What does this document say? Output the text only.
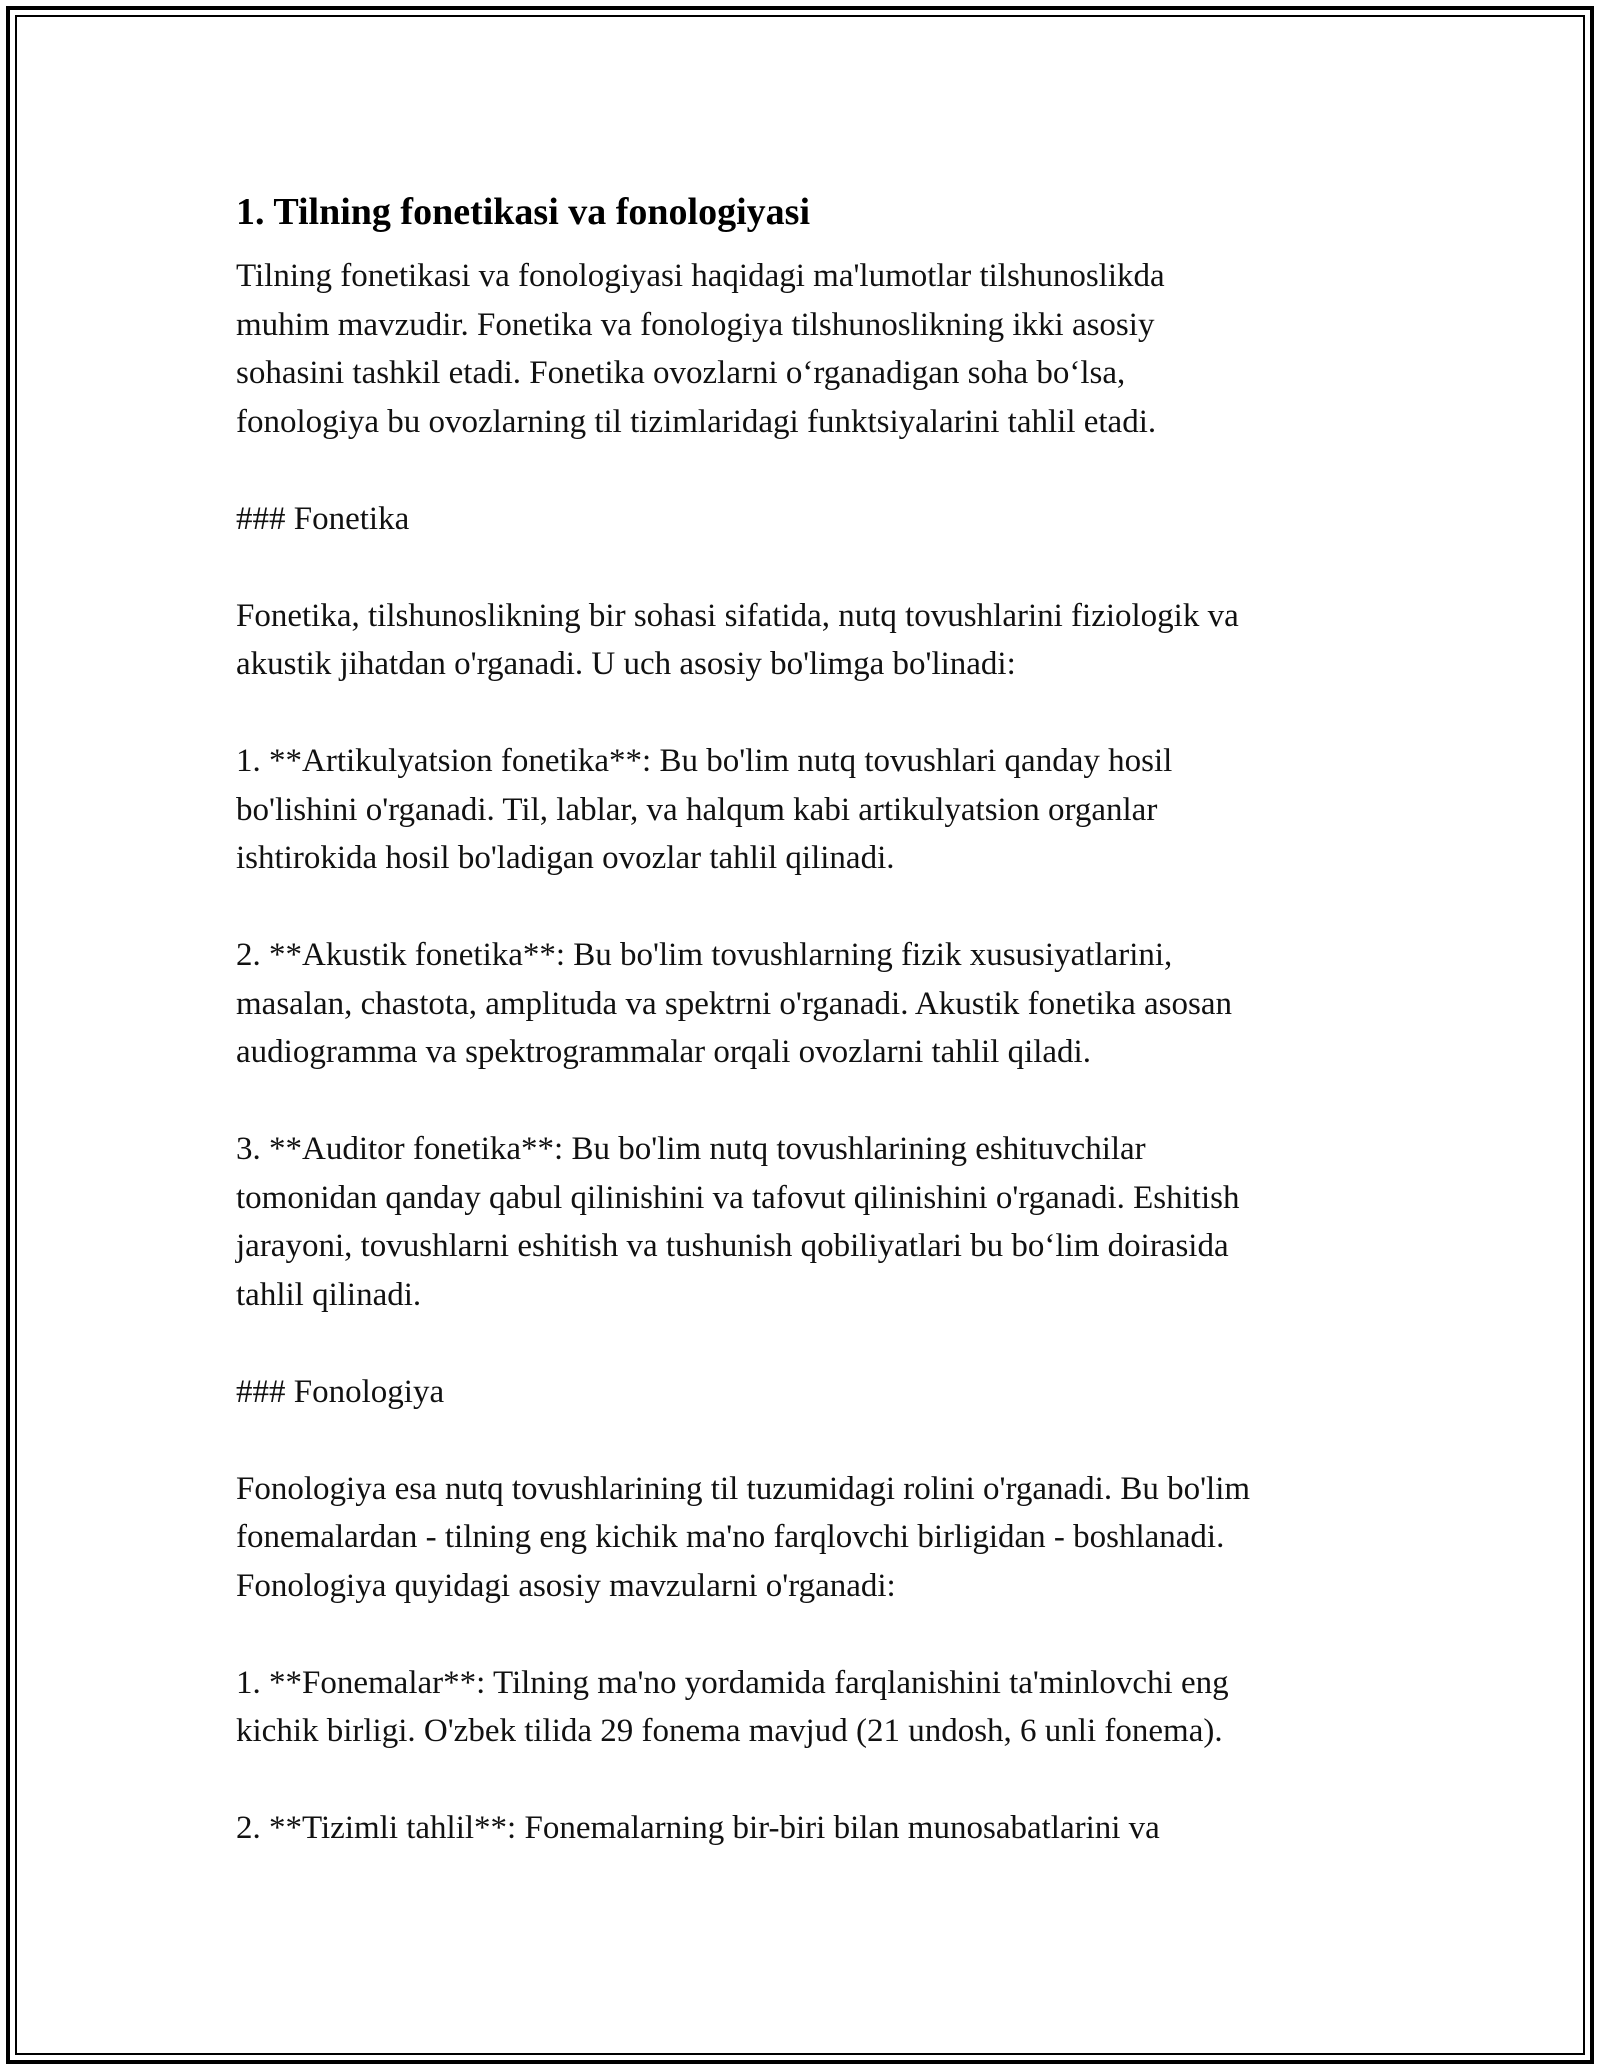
1. Tilning fonetikasi va fonologiyasi

Tilning fonetikasi va fonologiyasi haqidagi ma'lumotlar tilshunoslikda
muhim mavzudir. Fonetika va fonologiya tilshunoslikning ikki asosiy
sohasini tashkil etadi. Fonetika ovozlarni o‘rganadigan soha bo‘lsa,
fonologiya bu ovozlarning til tizimlaridagi funktsiyalarini tahlil etadi.

### Fonetika

Fonetika, tilshunoslikning bir sohasi sifatida, nutq tovushlarini fiziologik va
akustik jihatdan o'rganadi. U uch asosiy bo'limga bo'linadi:

1. **Artikulyatsion fonetika**: Bu bo'lim nutq tovushlari qanday hosil
bo'lishini o'rganadi. Til, lablar, va halqum kabi artikulyatsion organlar
ishtirokida hosil bo'ladigan ovozlar tahlil qilinadi.

2. **Akustik fonetika**: Bu bo'lim tovushlarning fizik xususiyatlarini,
masalan, chastota, amplituda va spektrni o'rganadi. Akustik fonetika asosan
audiogramma va spektrogrammalar orqali ovozlarni tahlil qiladi.

3. **Auditor fonetika**: Bu bo'lim nutq tovushlarining eshituvchilar
tomonidan qanday qabul qilinishini va tafovut qilinishini o'rganadi. Eshitish
jarayoni, tovushlarni eshitish va tushunish qobiliyatlari bu bo‘lim doirasida
tahlil qilinadi.

### Fonologiya

Fonologiya esa nutq tovushlarining til tuzumidagi rolini o'rganadi. Bu bo'lim
fonemalardan - tilning eng kichik ma'no farqlovchi birligidan - boshlanadi.
Fonologiya quyidagi asosiy mavzularni o'rganadi:

1. **Fonemalar**: Tilning ma'no yordamida farqlanishini ta'minlovchi eng
kichik birligi. O'zbek tilida 29 fonema mavjud (21 undosh, 6 unli fonema).

2. **Tizimli tahlil**: Fonemalarning bir-biri bilan munosabatlarini va
